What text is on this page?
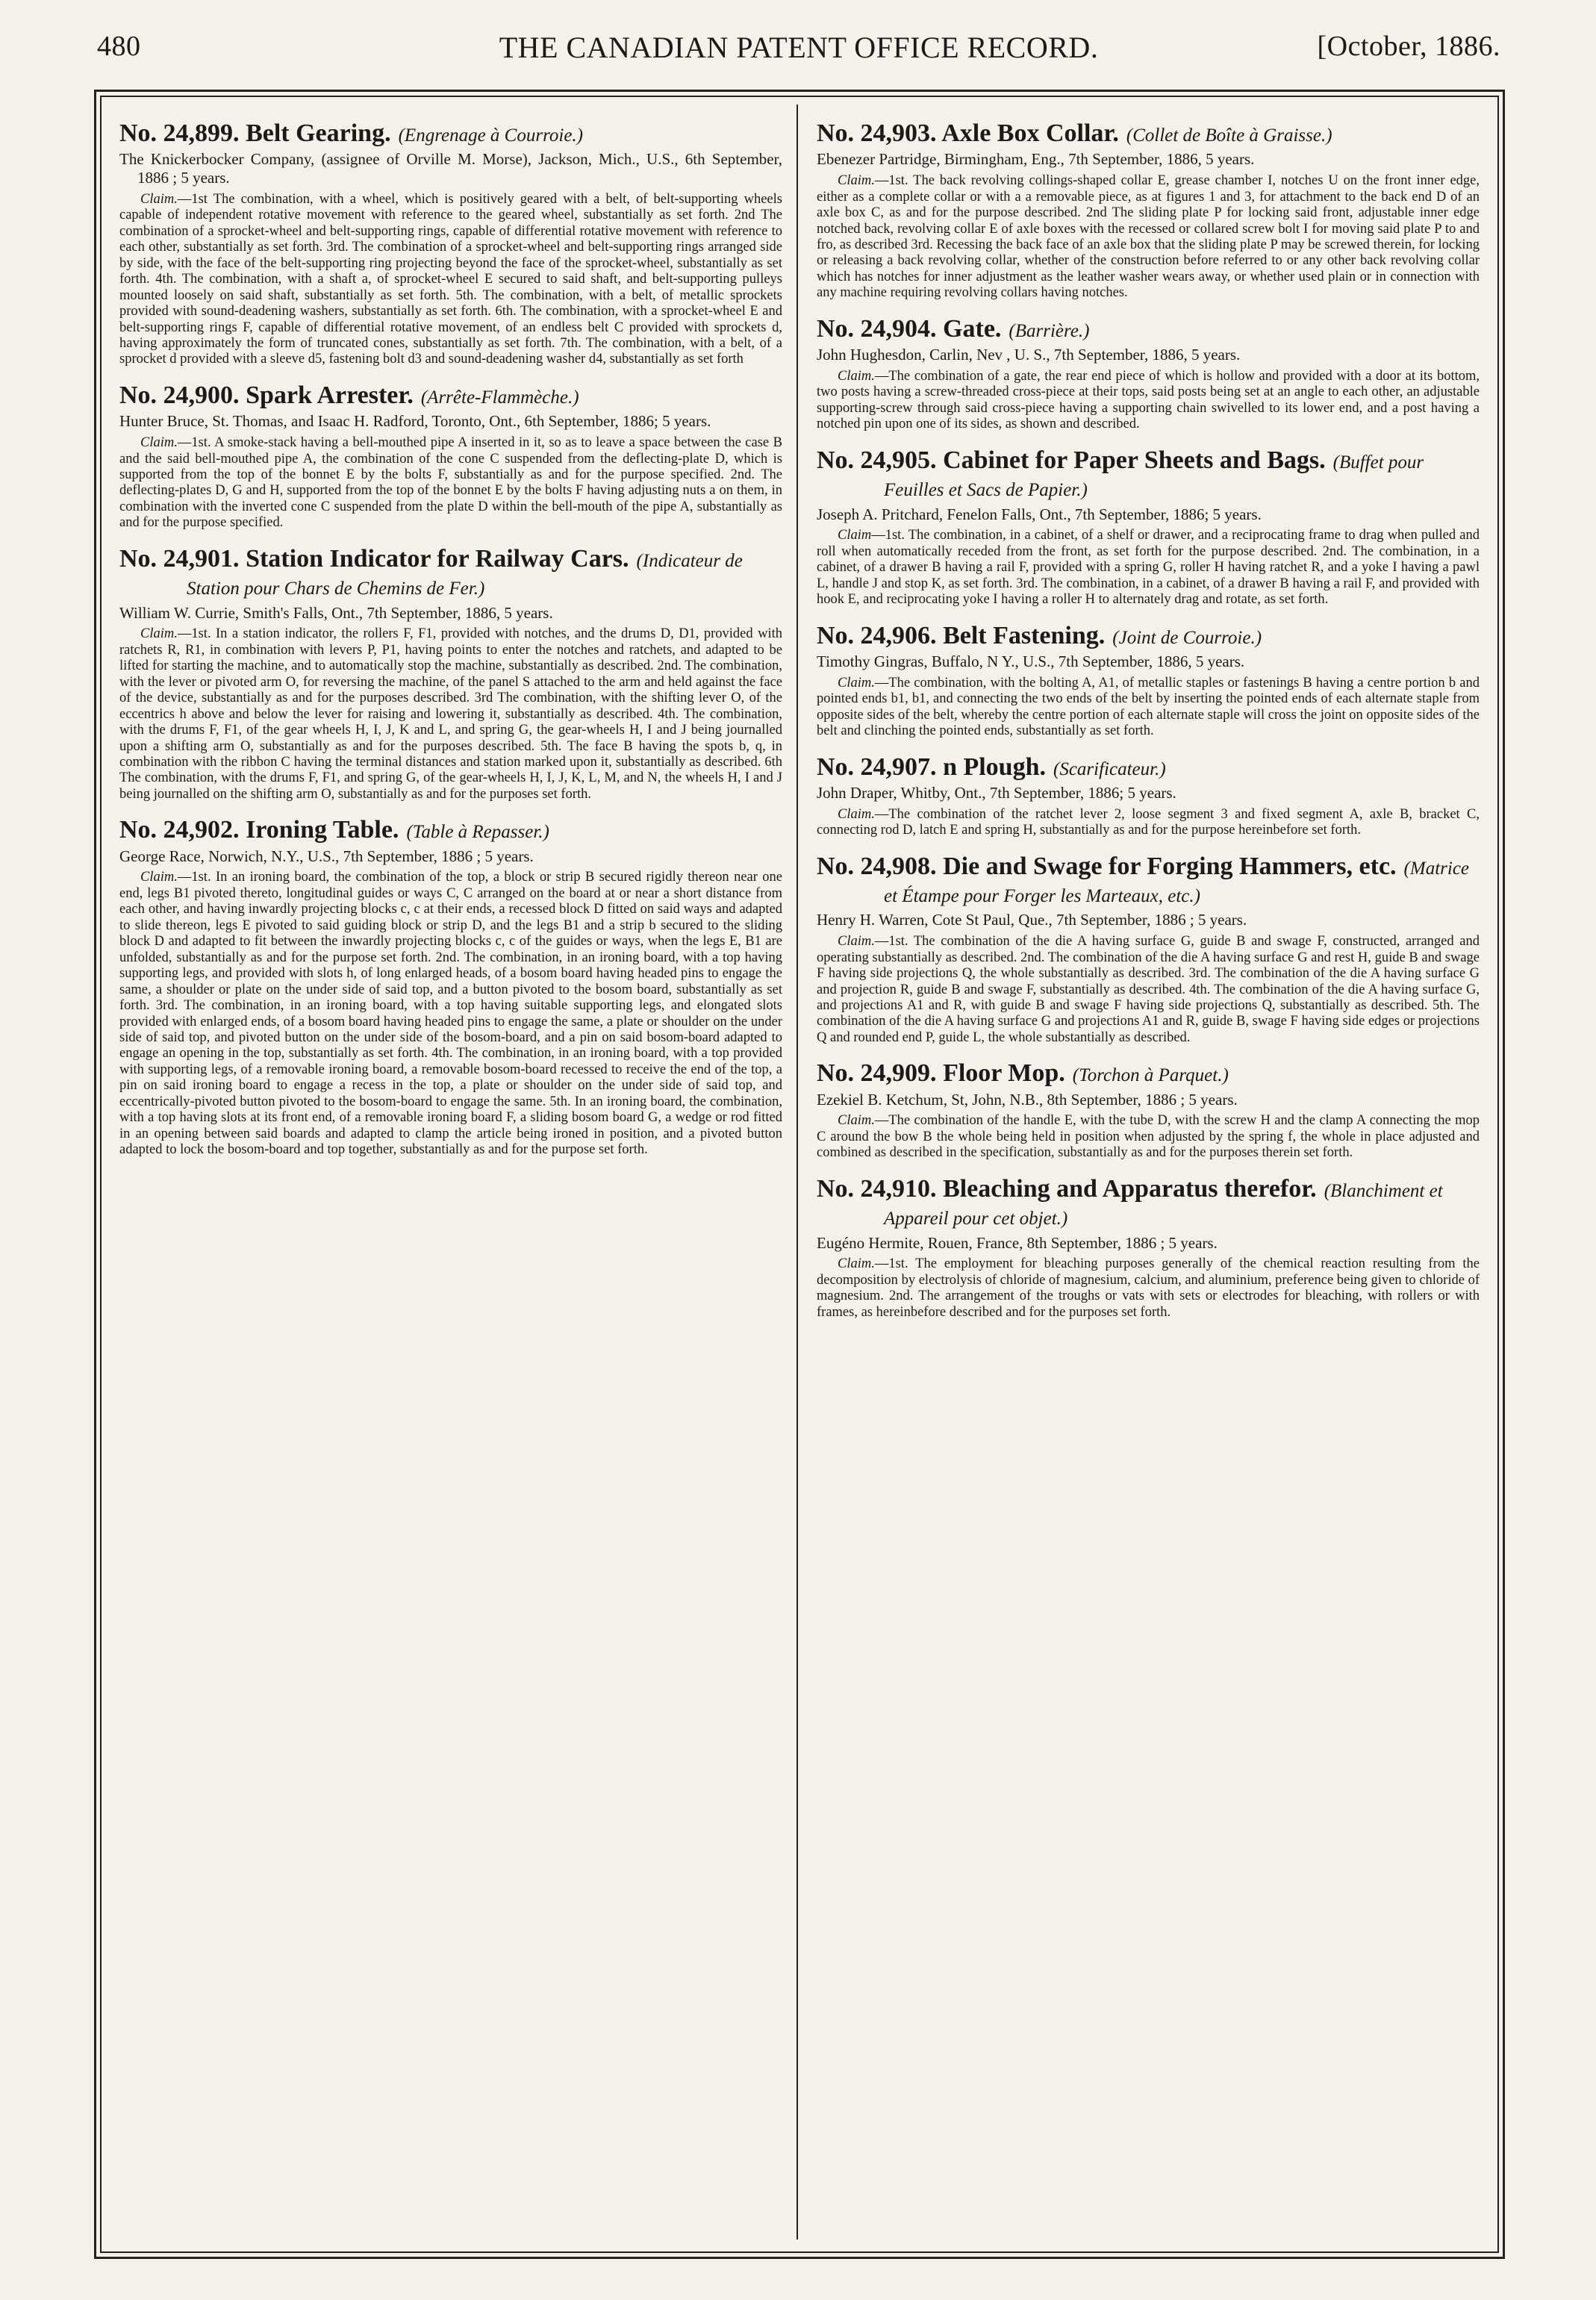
480	THE CANADIAN PATENT OFFICE RECORD.	[October, 1886.
No. 24,899. Belt Gearing. (Engrenage à Courroie.)
The Knickerbocker Company, (assignee of Orville M. Morse), Jackson, Mich., U.S., 6th September, 1886 ; 5 years.

Claim.—1st The combination, with a wheel, which is positively geared with a belt, of belt-supporting wheels capable of independent rotative movement with reference to the geared wheel, substantially as set forth. 2nd The combination of a sprocket-wheel and belt-supporting rings, capable of differential rotative movement with reference to each other, substantially as set forth. 3rd. The combination of a sprocket-wheel and belt-supporting rings arranged side by side, with the face of the belt-supporting ring projecting beyond the face of the sprocket-wheel, substantially as set forth. 4th. The combination, with a shaft a, of sprocket-wheel E secured to said shaft, and belt-supporting pulleys mounted loosely on said shaft, substantially as set forth. 5th. The combination, with a belt, of metallic sprockets provided with sound-deadening washers, substantially as set forth. 6th. The combination, with a sprocket-wheel E and belt-supporting rings F, capable of differential rotative movement, of an endless belt C provided with sprockets d, having approximately the form of truncated cones, substantially as set forth. 7th. The combination, with a belt, of a sprocket d provided with a sleeve d5, fastening bolt d3 and sound-deadening washer d4, substantially as set forth

No. 24,900. Spark Arrester. (Arrête-Flammèche.)
Hunter Bruce, St. Thomas, and Isaac H. Radford, Toronto, Ont., 6th September, 1886; 5 years.

Claim.—1st. A smoke-stack having a bell-mouthed pipe A inserted in it, so as to leave a space between the case B and the said bell-mouthed pipe A, the combination of the cone C suspended from the deflecting-plate D, which is supported from the top of the bonnet E by the bolts F, substantially as and for the purpose specified. 2nd. The deflecting-plates D, G and H, supported from the top of the bonnet E by the bolts F having adjusting nuts a on them, in combination with the inverted cone C suspended from the plate D within the bell-mouth of the pipe A, substantially as and for the purpose specified.

No. 24,901. Station Indicator for Railway Cars. (Indicateur de Station pour Chars de Chemins de Fer.)
William W. Currie, Smith's Falls, Ont., 7th September, 1886, 5 years.

Claim.—1st. In a station indicator, the rollers F, F1, provided with notches, and the drums D, D1, provided with ratchets R, R1, in combination with levers P, P1, having points to enter the notches and ratchets, and adapted to be lifted for starting the machine, and to automatically stop the machine, substantially as described. 2nd. The combination, with the lever or pivoted arm O, for reversing the machine, of the panel S attached to the arm and held against the face of the device, substantially as and for the purposes described. 3rd The combination, with the shifting lever O, of the eccentrics h above and below the lever for raising and lowering it, substantially as described. 4th. The combination, with the drums F, F1, of the gear wheels H, I, J, K and L, and spring G, the gear-wheels H, I and J being journalled upon a shifting arm O, substantially as and for the purposes described. 5th. The face B having the spots b, q, in combination with the ribbon C having the terminal distances and station marked upon it, substantially as described. 6th The combination, with the drums F, F1, and spring G, of the gear-wheels H, I, J, K, L, M, and N, the wheels H, I and J being journalled on the shifting arm O, substantially as and for the purposes set forth.

No. 24,902. Ironing Table. (Table à Repasser.)
George Race, Norwich, N.Y., U.S., 7th September, 1886 ; 5 years.

Claim.—1st. In an ironing board, the combination of the top, a block or strip B secured rigidly thereon near one end, legs B1 pivoted thereto, longitudinal guides or ways C, C arranged on the board at or near a short distance from each other, and having inwardly projecting blocks c, c at their ends, a recessed block D fitted on said ways and adapted to slide thereon, legs E pivoted to said guiding block or strip D, and the legs B1 and a strip b secured to the sliding block D and adapted to fit between the inwardly projecting blocks c, c of the guides or ways, when the legs E, B1 are unfolded, substantially as and for the purpose set forth. 2nd. The combination, in an ironing board, with a top having supporting legs, and provided with slots h, of long enlarged heads, of a bosom board having headed pins to engage the same, a shoulder or plate on the under side of said top, and a button pivoted to the bosom board, substantially as set forth. 3rd. The combination, in an ironing board, with a top having suitable supporting legs, and elongated slots provided with enlarged ends, of a bosom board having headed pins to engage the same, a plate or shoulder on the under side of said top, and pivoted button on the under side of the bosom-board, and a pin on said bosom-board adapted to engage an opening in the top, substantially as set forth. 4th. The combination, in an ironing board, with a top provided with supporting legs, of a removable ironing board, a removable bosom-board recessed to receive the end of the top, a pin on said ironing board to engage a recess in the top, a plate or shoulder on the under side of said top, and eccentrically-pivoted button pivoted to the bosom-board to engage the same. 5th. In an ironing board, the combination, with a top having slots at its front end, of a removable ironing board F, a sliding bosom board G, a wedge or rod fitted in an opening between said boards and adapted to clamp the article being ironed in position, and a pivoted button adapted to lock the bosom-board and top together, substantially as and for the purpose set forth.

No. 24,903. Axle Box Collar. (Collet de Boîte à Graisse.)
Ebenezer Partridge, Birmingham, Eng., 7th September, 1886, 5 years.

Claim.—1st. The back revolving collings-shaped collar E, grease chamber I, notches U on the front inner edge, either as a complete collar or with a a removable piece, as at figures 1 and 3, for attachment to the back end D of an axle box C, as and for the purpose described. 2nd The sliding plate P for locking said front, adjustable inner edge notched back, revolving collar E of axle boxes with the recessed or collared screw bolt I for moving said plate P to and fro, as described 3rd. Recessing the back face of an axle box that the sliding plate P may be screwed therein, for locking or releasing a back revolving collar, whether of the construction before referred to or any other back revolving collar which has notches for inner adjustment as the leather washer wears away, or whether used plain or in connection with any machine requiring revolving collars having notches.

No. 24,904. Gate. (Barrière.)
John Hughesdon, Carlin, Nev , U. S., 7th September, 1886, 5 years.

Claim.—The combination of a gate, the rear end piece of which is hollow and provided with a door at its bottom, two posts having a screw-threaded cross-piece at their tops, said posts being set at an angle to each other, an adjustable supporting-screw through said cross-piece having a supporting chain swivelled to its lower end, and a post having a notched pin upon one of its sides, as shown and described.

No. 24,905. Cabinet for Paper Sheets and Bags. (Buffet pour Feuilles et Sacs de Papier.)
Joseph A. Pritchard, Fenelon Falls, Ont., 7th September, 1886; 5 years.

Claim—1st. The combination, in a cabinet, of a shelf or drawer, and a reciprocating frame to drag when pulled and roll when automatically receded from the front, as set forth for the purpose described. 2nd. The combination, in a cabinet, of a drawer B having a rail F, provided with a spring G, roller H having ratchet R, and a yoke I having a pawl L, handle J and stop K, as set forth. 3rd. The combination, in a cabinet, of a drawer B having a rail F, and provided with hook E, and reciprocating yoke I having a roller H to alternately drag and rotate, as set forth.

No. 24,906. Belt Fastening. (Joint de Courroie.)
Timothy Gingras, Buffalo, N Y., U.S., 7th September, 1886, 5 years.

Claim.—The combination, with the bolting A, A1, of metallic staples or fastenings B having a centre portion b and pointed ends b1, b1, and connecting the two ends of the belt by inserting the pointed ends of each alternate staple from opposite sides of the belt, whereby the centre portion of each alternate staple will cross the joint on opposite sides of the belt and clinching the pointed ends, substantially as set forth.

No. 24,907. n Plough. (Scarificateur.)
John Draper, Whitby, Ont., 7th September, 1886; 5 years.

Claim.—The combination of the ratchet lever 2, loose segment 3 and fixed segment A, axle B, bracket C, connecting rod D, latch E and spring H, substantially as and for the purpose hereinbefore set forth.

No. 24,908. Die and Swage for Forging Hammers, etc. (Matrice et Étampe pour Forger les Marteaux, etc.)
Henry H. Warren, Cote St Paul, Que., 7th September, 1886 ; 5 years.

Claim.—1st. The combination of the die A having surface G, guide B and swage F, constructed, arranged and operating substantially as described. 2nd. The combination of the die A having surface G and rest H, guide B and swage F having side projections Q, the whole substantially as described. 3rd. The combination of the die A having surface G and projection R, guide B and swage F, substantially as described. 4th. The combination of the die A having surface G, and projections A1 and R, with guide B and swage F having side projections Q, substantially as described. 5th. The combination of the die A having surface G and projections A1 and R, guide B, swage F having side edges or projections Q and rounded end P, guide L, the whole substantially as described.

No. 24,909. Floor Mop. (Torchon à Parquet.)
Ezekiel B. Ketchum, St, John, N.B., 8th September, 1886 ; 5 years.

Claim.—The combination of the handle E, with the tube D, with the screw H and the clamp A connecting the mop C around the bow B the whole being held in position when adjusted by the spring f, the whole in place adjusted and combined as described in the specification, substantially as and for the purposes therein set forth.

No. 24,910. Bleaching and Apparatus therefor. (Blanchiment et Appareil pour cet objet.)
Eugéno Hermite, Rouen, France, 8th September, 1886 ; 5 years.

Claim.—1st. The employment for bleaching purposes generally of the chemical reaction resulting from the decomposition by electrolysis of chloride of magnesium, calcium, and aluminium, preference being given to chloride of magnesium. 2nd. The arrangement of the troughs or vats with sets or electrodes for bleaching, with rollers or with frames, as hereinbefore described and for the purposes set forth.
